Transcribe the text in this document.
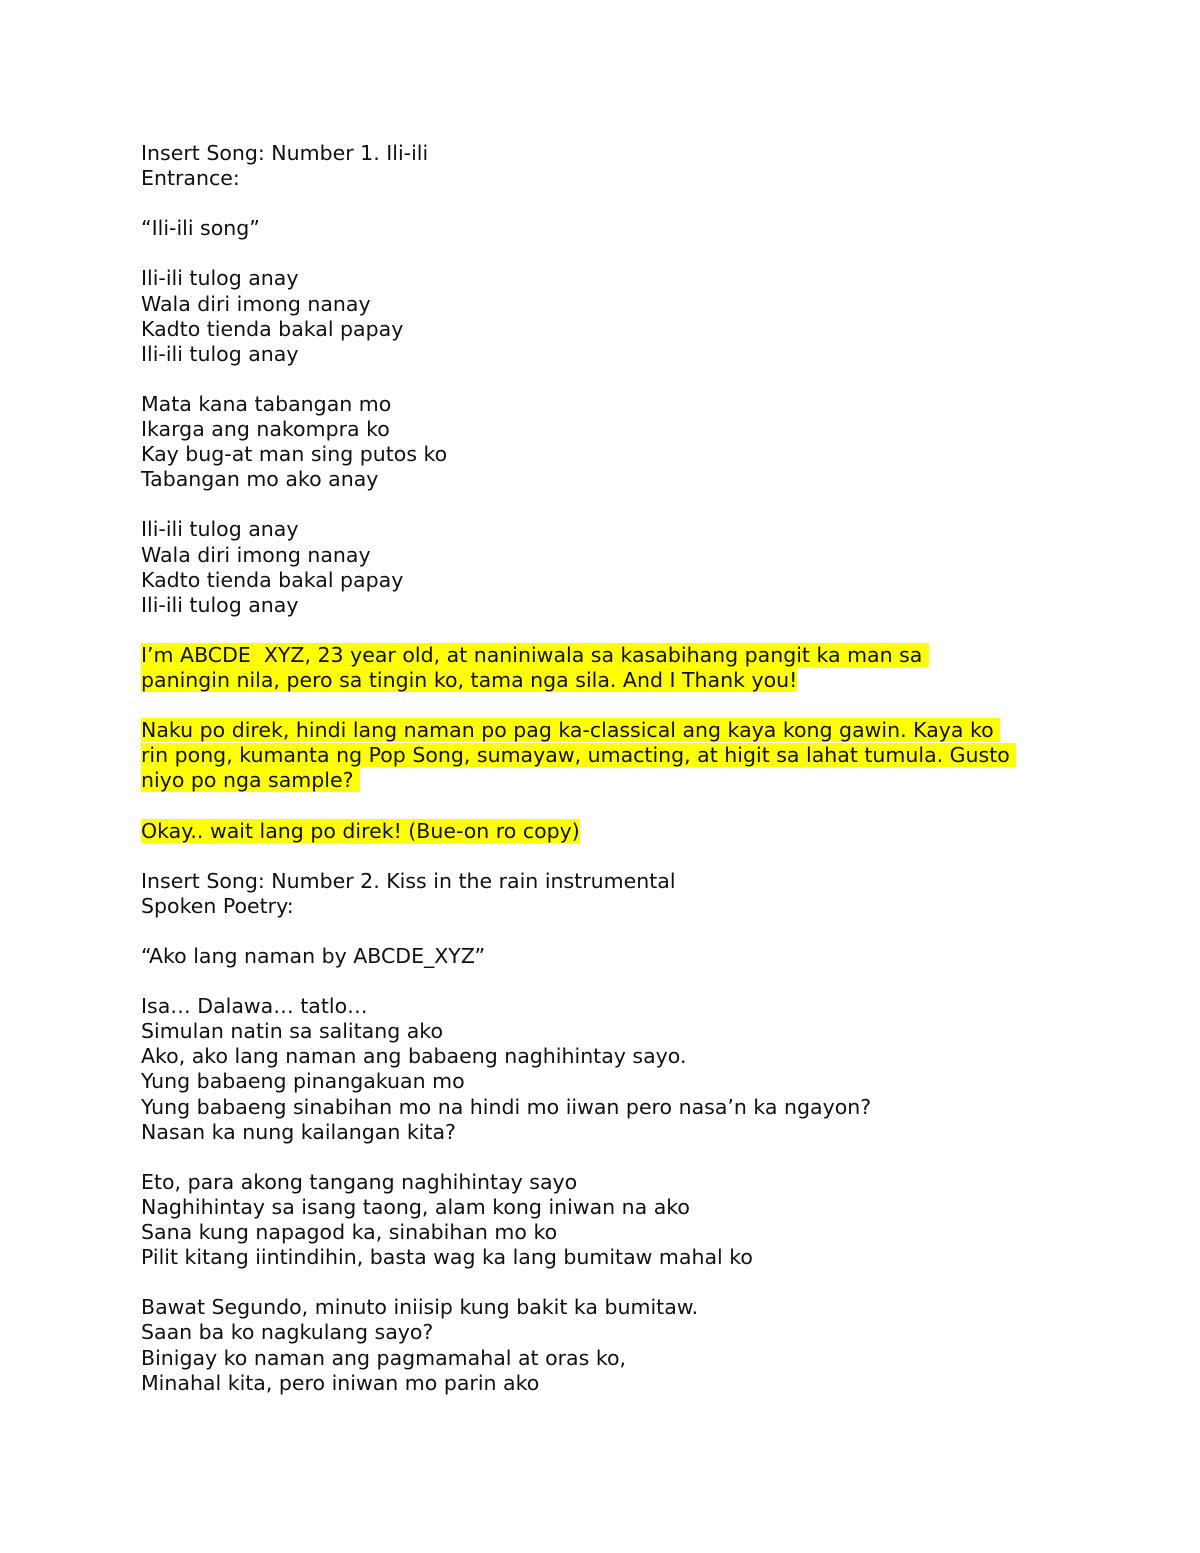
Insert Song: Number 1. Ili-ili
Entrance:
“Ili-ili song”
Ili-ili tulog anay
Wala diri imong nanay
Kadto tienda bakal papay
Ili-ili tulog anay
Mata kana tabangan mo
Ikarga ang nakompra ko
Kay bug-at man sing putos ko
Tabangan mo ako anay
Ili-ili tulog anay
Wala diri imong nanay
Kadto tienda bakal papay
Ili-ili tulog anay
I’m ABCDE  XYZ, 23 year old, at naniniwala sa kasabihang pangit ka man sa
paningin nila, pero sa tingin ko, tama nga sila. And I Thank you!
Naku po direk, hindi lang naman po pag ka-classical ang kaya kong gawin. Kaya ko
rin pong, kumanta ng Pop Song, sumayaw, umacting, at higit sa lahat tumula. Gusto
niyo po nga sample?
Okay.. wait lang po direk! (Bue-on ro copy)
Insert Song: Number 2. Kiss in the rain instrumental
Spoken Poetry:
“Ako lang naman by ABCDE_XYZ”
Isa… Dalawa… tatlo…
Simulan natin sa salitang ako
Ako, ako lang naman ang babaeng naghihintay sayo.
Yung babaeng pinangakuan mo
Yung babaeng sinabihan mo na hindi mo iiwan pero nasa’n ka ngayon?
Nasan ka nung kailangan kita?
Eto, para akong tangang naghihintay sayo
Naghihintay sa isang taong, alam kong iniwan na ako
Sana kung napagod ka, sinabihan mo ko
Pilit kitang iintindihin, basta wag ka lang bumitaw mahal ko
Bawat Segundo, minuto iniisip kung bakit ka bumitaw.
Saan ba ko nagkulang sayo?
Binigay ko naman ang pagmamahal at oras ko,
Minahal kita, pero iniwan mo parin ako
